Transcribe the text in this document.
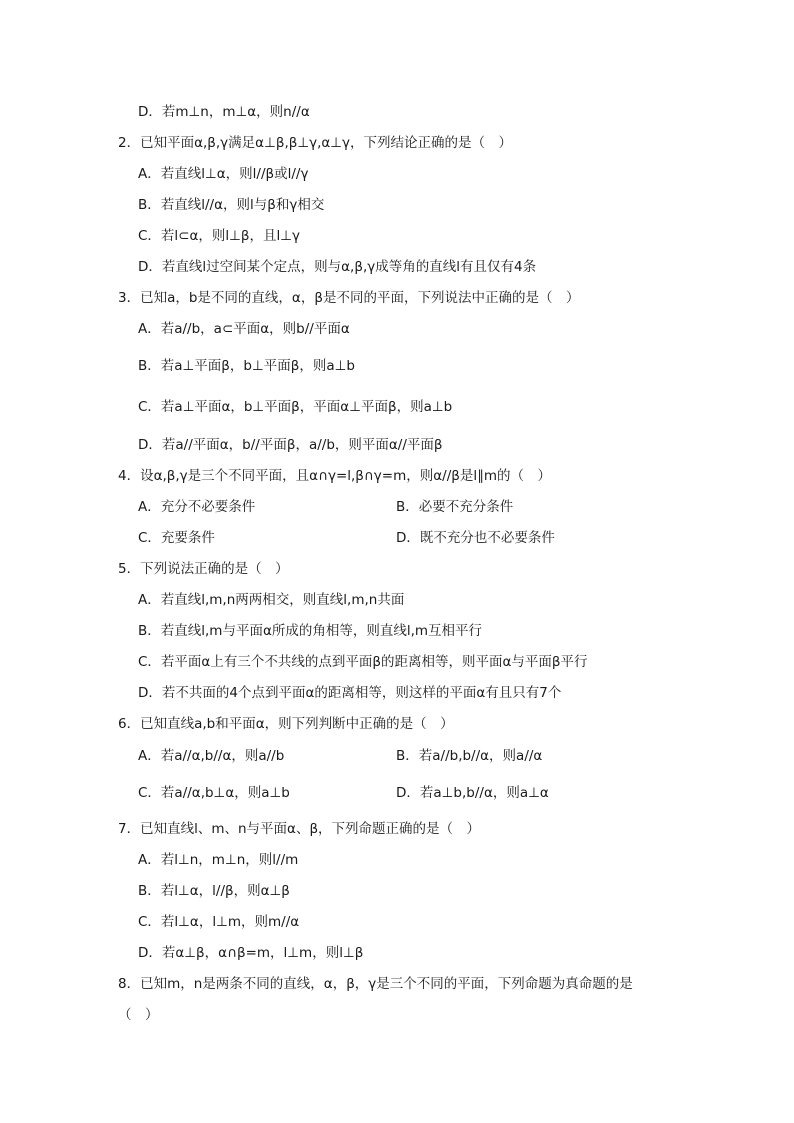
D．若m⊥n，m⊥α，则n//α
2．已知平面α,β,γ满足α⊥β,β⊥γ,α⊥γ，下列结论正确的是（　）
A．若直线l⊥α，则l//β或l//γ
B．若直线l//α，则l与β和γ相交
C．若l⊂α，则l⊥β，且l⊥γ
D．若直线l过空间某个定点，则与α,β,γ成等角的直线l有且仅有4条
3．已知a，b是不同的直线，α，β是不同的平面，下列说法中正确的是（　）
A．若a//b，a⊂平面α，则b//平面α
B．若a⊥平面β，b⊥平面β，则a⊥b
C．若a⊥平面α，b⊥平面β，平面α⊥平面β，则a⊥b
D．若a//平面α，b//平面β，a//b，则平面α//平面β
4．设α,β,γ是三个不同平面，且α∩γ=l,β∩γ=m，则α//β是l∥m的（　）
A．充分不必要条件	B．必要不充分条件
C．充要条件	D．既不充分也不必要条件
5．下列说法正确的是（　）
A．若直线l,m,n两两相交，则直线l,m,n共面
B．若直线l,m与平面α所成的角相等，则直线l,m互相平行
C．若平面α上有三个不共线的点到平面β的距离相等，则平面α与平面β平行
D．若不共面的4个点到平面α的距离相等，则这样的平面α有且只有7个
6．已知直线a,b和平面α，则下列判断中正确的是（　）
A．若a//α,b//α，则a//b	B．若a//b,b//α，则a//α
C．若a//α,b⊥α，则a⊥b	D．若a⊥b,b//α，则a⊥α
7．已知直线l、m、n与平面α、β，下列命题正确的是（　）
A．若l⊥n，m⊥n，则l//m
B．若l⊥α，l//β，则α⊥β
C．若l⊥α，l⊥m，则m//α
D．若α⊥β，α∩β=m，l⊥m，则l⊥β
8．已知m，n是两条不同的直线，α，β，γ是三个不同的平面，下列命题为真命题的是
（　）
